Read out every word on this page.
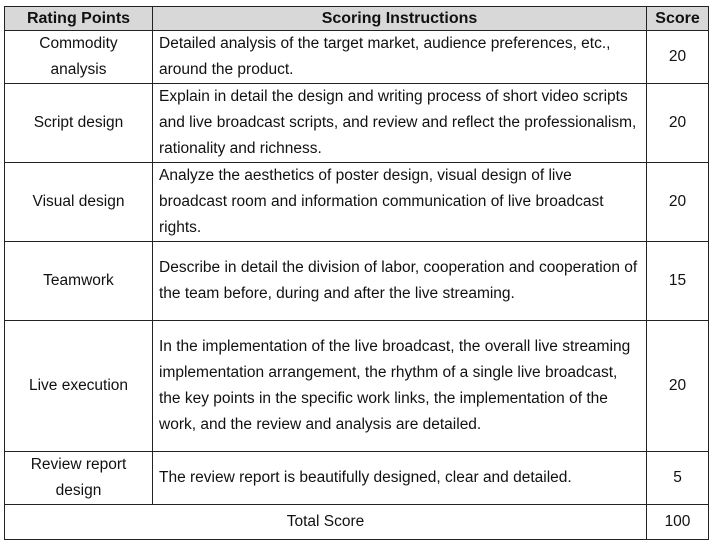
Rating Points	Scoring Instructions	Score
Commodity analysis	Detailed analysis of the target market, audience preferences, etc., around the product.	20
Script design	Explain in detail the design and writing process of short video scripts and live broadcast scripts, and review and reflect the professionalism, rationality and richness.	20
Visual design	Analyze the aesthetics of poster design, visual design of live broadcast room and information communication of live broadcast rights.	20
Teamwork	Describe in detail the division of labor, cooperation and cooperation of the team before, during and after the live streaming.	15
Live execution	In the implementation of the live broadcast, the overall live streaming implementation arrangement, the rhythm of a single live broadcast, the key points in the specific work links, the implementation of the work, and the review and analysis are detailed.	20
Review report design	The review report is beautifully designed, clear and detailed.	5
Total Score		100
